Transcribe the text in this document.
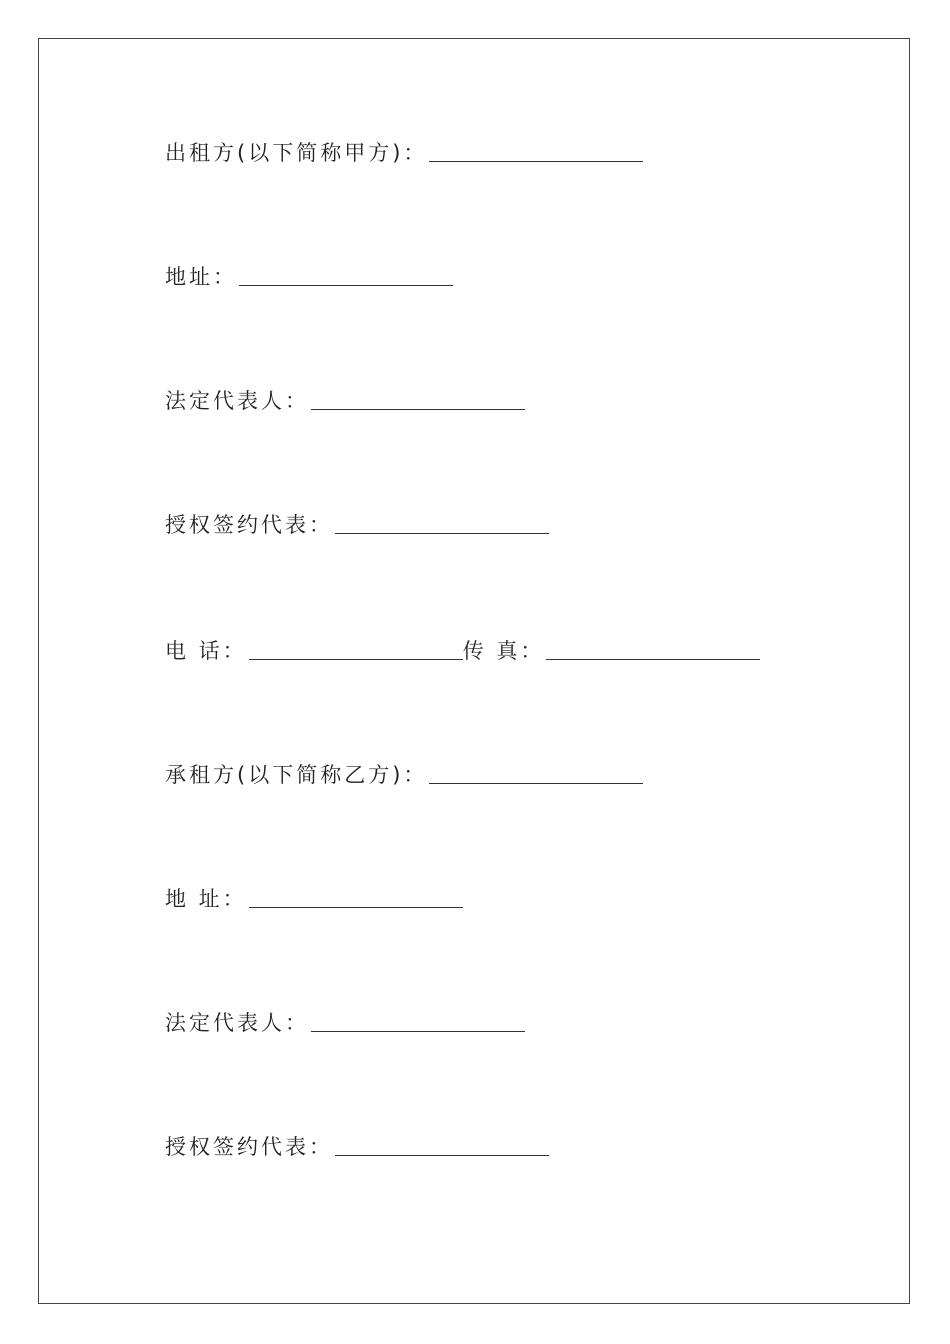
出租方(以下简称甲方)：
地址：
法定代表人：
授权签约代表：
电 话：	传 真：
承租方(以下简称乙方)：
地 址：
法定代表人：
授权签约代表：
